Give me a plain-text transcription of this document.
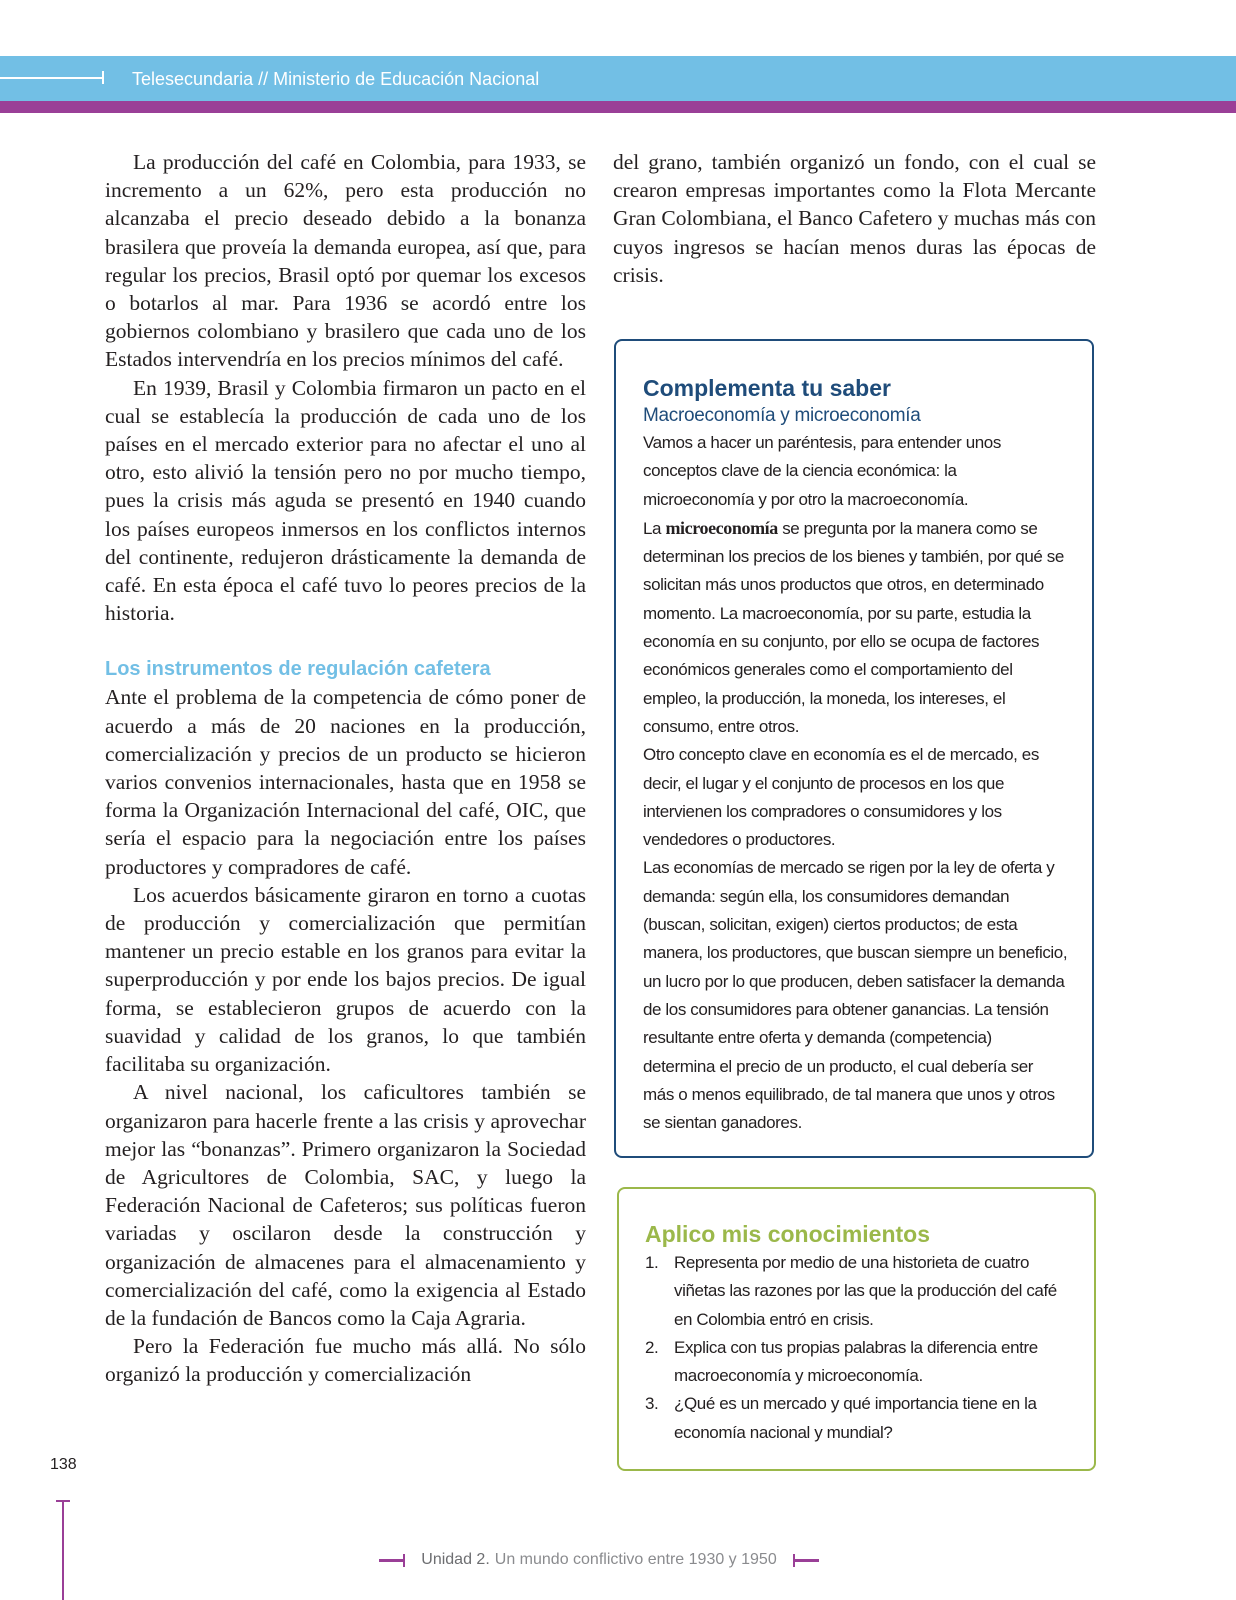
Telesecundaria // Ministerio de Educación Nacional

La producción del café en Colombia, para 1933, se incremento a un 62%, pero esta producción no alcanzaba el precio deseado debido a la bonanza brasilera que proveía la demanda europea, así que, para regular los precios, Brasil optó por quemar los excesos o botarlos al mar. Para 1936 se acordó entre los gobiernos colombiano y brasilero que cada uno de los Estados intervendría en los precios mínimos del café.

En 1939, Brasil y Colombia firmaron un pacto en el cual se establecía la producción de cada uno de los países en el mercado exterior para no afectar el uno al otro, esto alivió la tensión pero no por mucho tiempo, pues la crisis más aguda se presentó en 1940 cuando los países europeos inmersos en los conflictos internos del continente, redujeron drásticamente la demanda de café. En esta época el café tuvo lo peores precios de la historia.

Los instrumentos de regulación cafetera

Ante el problema de la competencia de cómo poner de acuerdo a más de 20 naciones en la producción, comercialización y precios de un producto se hicieron varios convenios internacionales, hasta que en 1958 se forma la Organización Internacional del café, OIC, que sería el espacio para la negociación entre los países productores y compradores de café.

Los acuerdos básicamente giraron en torno a cuotas de producción y comercialización que permitían mantener un precio estable en los granos para evitar la superproducción y por ende los bajos precios. De igual forma, se establecieron grupos de acuerdo con la suavidad y calidad de los granos, lo que también facilitaba su organización.

A nivel nacional, los caficultores también se organizaron para hacerle frente a las crisis y aprovechar mejor las “bonanzas”. Primero organizaron la Sociedad de Agricultores de Colombia, SAC, y luego la Federación Nacional de Cafeteros; sus políticas fueron variadas y oscilaron desde la construcción y organización de almacenes para el almacenamiento y comercialización del café, como la exigencia al Estado de la fundación de Bancos como la Caja Agraria.

Pero la Federación fue mucho más allá. No sólo organizó la producción y comercialización

del grano, también organizó un fondo, con el cual se crearon empresas importantes como la Flota Mercante Gran Colombiana, el Banco Cafetero y muchas más con cuyos ingresos se hacían menos duras las épocas de crisis.

Complementa tu saber

Macroeconomía y microeconomía

Vamos a hacer un paréntesis, para entender unos conceptos clave de la ciencia económica: la microeconomía y por otro la macroeconomía.

La microeconomía se pregunta por la manera como se determinan los precios de los bienes y también, por qué se solicitan más unos productos que otros, en determinado momento. La macroeconomía, por su parte, estudia la economía en su conjunto, por ello se ocupa de factores económicos generales como el comportamiento del empleo, la producción, la moneda, los intereses, el consumo, entre otros.

Otro concepto clave en economía es el de mercado, es decir, el lugar y el conjunto de procesos en los que intervienen los compradores o consumidores y los vendedores o productores.

Las economías de mercado se rigen por la ley de oferta y demanda: según ella, los consumidores demandan (buscan, solicitan, exigen) ciertos productos; de esta manera, los productores, que buscan siempre un beneficio, un lucro por lo que producen, deben satisfacer la demanda de los consumidores para obtener ganancias. La tensión resultante entre oferta y demanda (competencia) determina el precio de un producto, el cual debería ser más o menos equilibrado, de tal manera que unos y otros se sientan ganadores.

Aplico mis conocimientos

1. Representa por medio de una historieta de cuatro viñetas las razones por las que la producción del café en Colombia entró en crisis.
2. Explica con tus propias palabras la diferencia entre macroeconomía y microeconomía.
3. ¿Qué es un mercado y qué importancia tiene en la economía nacional y mundial?
138
Unidad 2. Un mundo conflictivo entre 1930 y 1950
